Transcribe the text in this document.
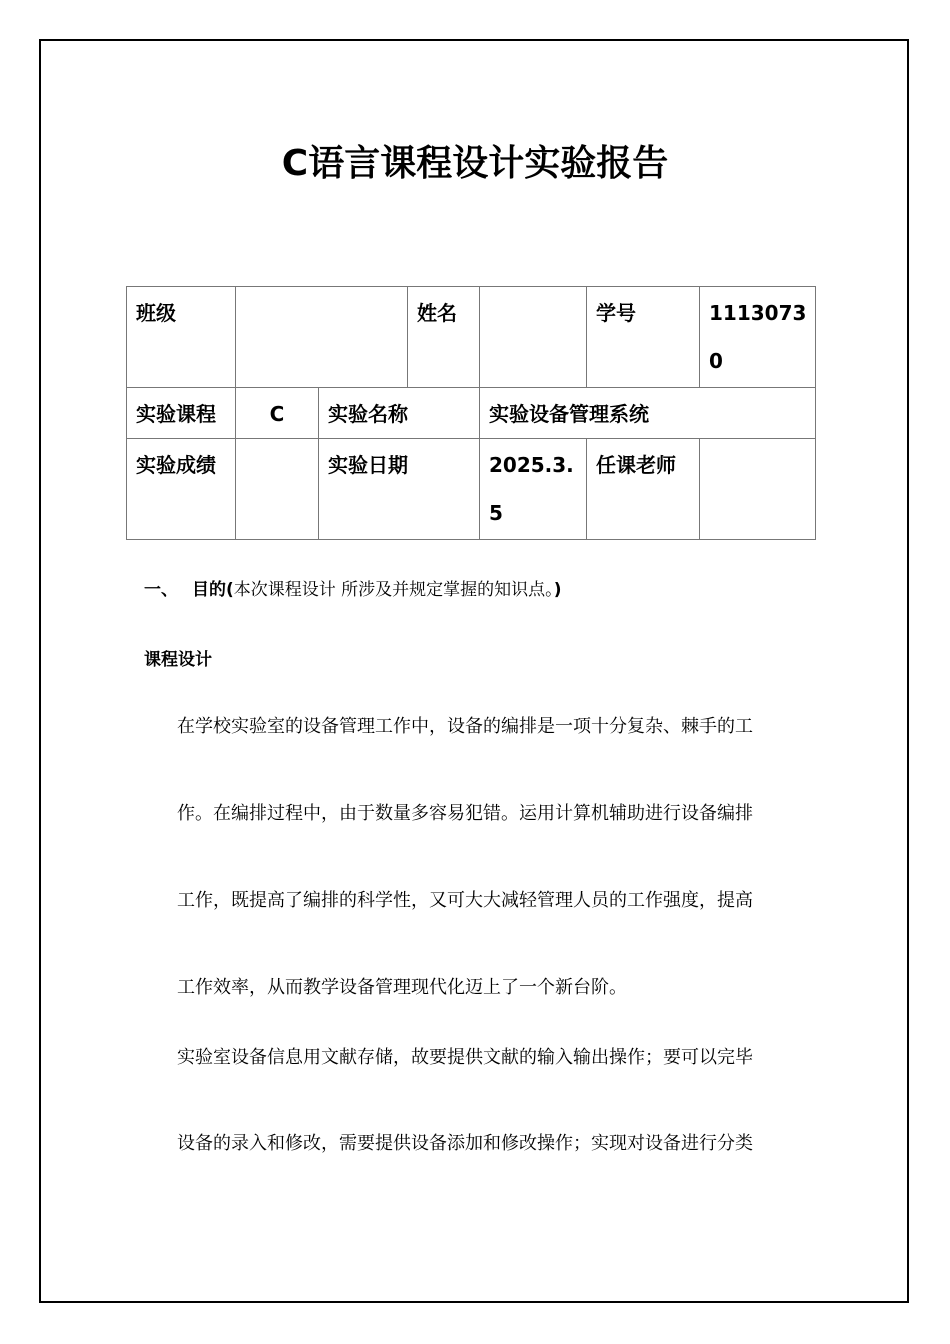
C语言课程设计实验报告
班级			姓名		学号	11130730
实验课程	C	实验名称		实验设备管理系统		
实验成绩		实验日期		2025.3.5	任课老师	

一、 目的(本次课程设计 所涉及并规定掌握的知识点。)

课程设计

在学校实验室的设备管理工作中，设备的编排是一项十分复杂、棘手的工

作。在编排过程中，由于数量多容易犯错。运用计算机辅助进行设备编排

工作，既提高了编排的科学性，又可大大减轻管理人员的工作强度，提高

工作效率，从而教学设备管理现代化迈上了一个新台阶。

实验室设备信息用文献存储，故要提供文献的输入输出操作；要可以完毕

设备的录入和修改，需要提供设备添加和修改操作；实现对设备进行分类
